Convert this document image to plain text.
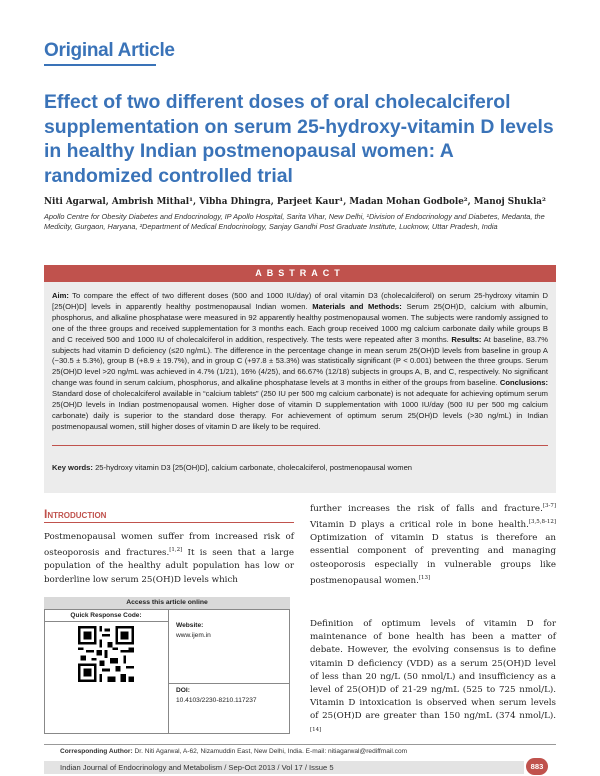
Original Article
Effect of two different doses of oral cholecalciferol supplementation on serum 25-hydroxy-vitamin D levels in healthy Indian postmenopausal women: A randomized controlled trial
Niti Agarwal, Ambrish Mithal¹, Vibha Dhingra, Parjeet Kaur¹, Madan Mohan Godbole², Manoj Shukla²
Apollo Centre for Obesity Diabetes and Endocrinology, IP Apollo Hospital, Sarita Vihar, New Delhi, ¹Division of Endocrinology and Diabetes, Medanta, the Medicity, Gurgaon, Haryana, ²Department of Medical Endocrinology, Sanjay Gandhi Post Graduate Institute, Lucknow, Uttar Pradesh, India
ABSTRACT
Aim: To compare the effect of two different doses (500 and 1000 IU/day) of oral vitamin D3 (cholecalciferol) on serum 25-hydroxy vitamin D [25(OH)D] levels in apparently healthy postmenopausal Indian women. Materials and Methods: Serum 25(OH)D, calcium with albumin, phosphorus, and alkaline phosphatase were measured in 92 apparently healthy postmenopausal women. The subjects were randomly assigned to one of the three groups and received supplementation for 3 months each. Each group received 1000 mg calcium carbonate daily while groups B and C received 500 and 1000 IU of cholecalciferol in addition, respectively. The tests were repeated after 3 months. Results: At baseline, 83.7% subjects had vitamin D deficiency (≤20 ng/mL). The difference in the percentage change in mean serum 25(OH)D levels from baseline in group A (−30.5 ± 5.3%), group B (+8.9 ± 19.7%), and in group C (+97.8 ± 53.3%) was statistically significant (P < 0.001) between the three groups. Serum 25(OH)D level >20 ng/mL was achieved in 4.7% (1/21), 16% (4/25), and 66.67% (12/18) subjects in groups A, B, and C, respectively. No significant change was found in serum calcium, phosphorus, and alkaline phosphatase levels at 3 months in either of the groups from baseline. Conclusions: Standard dose of cholecalciferol available in “calcium tablets” (250 IU per 500 mg calcium carbonate) is not adequate for achieving optimum serum 25(OH)D levels in Indian postmenopausal women. Higher dose of vitamin D supplementation with 1000 IU/day (500 IU per 500 mg calcium carbonate) daily is superior to the standard dose therapy. For achievement of optimum serum 25(OH)D levels (>30 ng/mL) in Indian postmenopausal women, still higher doses of vitamin D are likely to be required.
Key words: 25-hydroxy vitamin D3 [25(OH)D], calcium carbonate, cholecalciferol, postmenopausal women
Introduction
Postmenopausal women suffer from increased risk of osteoporosis and fractures.[1,2] It is seen that a large population of the healthy adult population has low or borderline low serum 25(OH)D levels which
further increases the risk of falls and fracture.[3-7] Vitamin D plays a critical role in bone health.[3,5,8-12] Optimization of vitamin D status is therefore an essential component of preventing and managing osteoporosis especially in vulnerable groups like postmenopausal women.[13]
Definition of optimum levels of vitamin D for maintenance of bone health has been a matter of debate. However, the evolving consensus is to define vitamin D deficiency (VDD) as a serum 25(OH)D level of less than 20 ng/L (50 nmol/L) and insufficiency as a level of 25(OH)D of 21-29 ng/mL (525 to 725 nmol/L). Vitamin D intoxication is observed when serum levels of 25(OH)D are greater than 150 ng/mL (374 nmol/L).[14]
Access this article online
Quick Response Code:
Website:
www.ijem.in
DOI:
10.4103/2230-8210.117237
Corresponding Author: Dr. Niti Agarwal, A-62, Nizamuddin East, New Delhi, India. E-mail: nitiagarwal@rediffmail.com
Indian Journal of Endocrinology and Metabolism / Sep-Oct 2013 / Vol 17 / Issue 5	883
